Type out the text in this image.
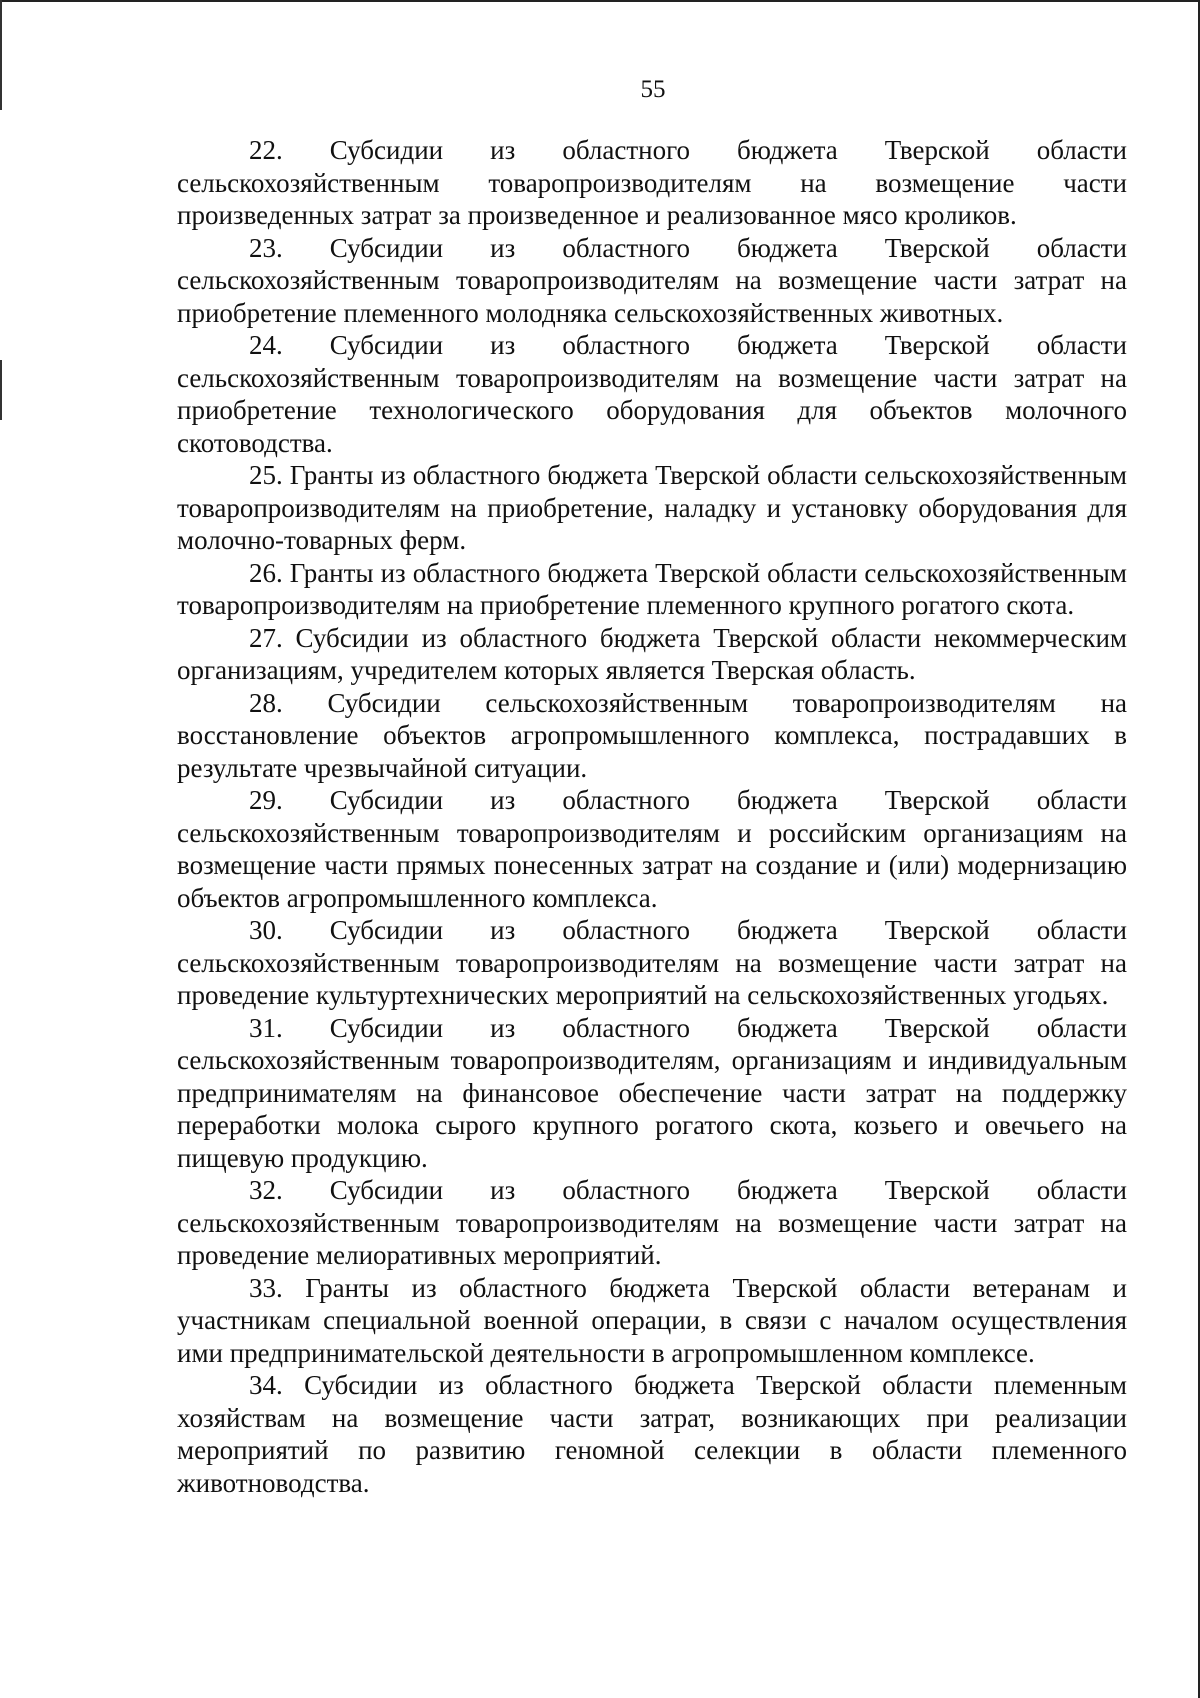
55

22. Субсидии из областного бюджета Тверской области сельскохозяйственным товаропроизводителям на возмещение части произведенных затрат за произведенное и реализованное мясо кроликов.

23. Субсидии из областного бюджета Тверской области сельскохозяйственным товаропроизводителям на возмещение части затрат на приобретение племенного молодняка сельскохозяйственных животных.

24. Субсидии из областного бюджета Тверской области сельскохозяйственным товаропроизводителям на возмещение части затрат на приобретение технологического оборудования для объектов молочного скотоводства.

25. Гранты из областного бюджета Тверской области сельскохозяйственным товаропроизводителям на приобретение, наладку и установку оборудования для молочно-товарных ферм.

26. Гранты из областного бюджета Тверской области сельскохозяйственным товаропроизводителям на приобретение племенного крупного рогатого скота.

27. Субсидии из областного бюджета Тверской области некоммерческим организациям, учредителем которых является Тверская область.

28. Субсидии сельскохозяйственным товаропроизводителям на восстановление объектов агропромышленного комплекса, пострадавших в результате чрезвычайной ситуации.

29. Субсидии из областного бюджета Тверской области сельскохозяйственным товаропроизводителям и российским организациям на возмещение части прямых понесенных затрат на создание и (или) модернизацию объектов агропромышленного комплекса.

30. Субсидии из областного бюджета Тверской области сельскохозяйственным товаропроизводителям на возмещение части затрат на проведение культуртехнических мероприятий на сельскохозяйственных угодьях.

31. Субсидии из областного бюджета Тверской области сельскохозяйственным товаропроизводителям, организациям и индивидуальным предпринимателям на финансовое обеспечение части затрат на поддержку переработки молока сырого крупного рогатого скота, козьего и овечьего на пищевую продукцию.

32. Субсидии из областного бюджета Тверской области сельскохозяйственным товаропроизводителям на возмещение части затрат на проведение мелиоративных мероприятий.

33. Гранты из областного бюджета Тверской области ветеранам и участникам специальной военной операции, в связи с началом осуществления ими предпринимательской деятельности в агропромышленном комплексе.

34. Субсидии из областного бюджета Тверской области племенным хозяйствам на возмещение части затрат, возникающих при реализации мероприятий по развитию геномной селекции в области племенного животноводства.
